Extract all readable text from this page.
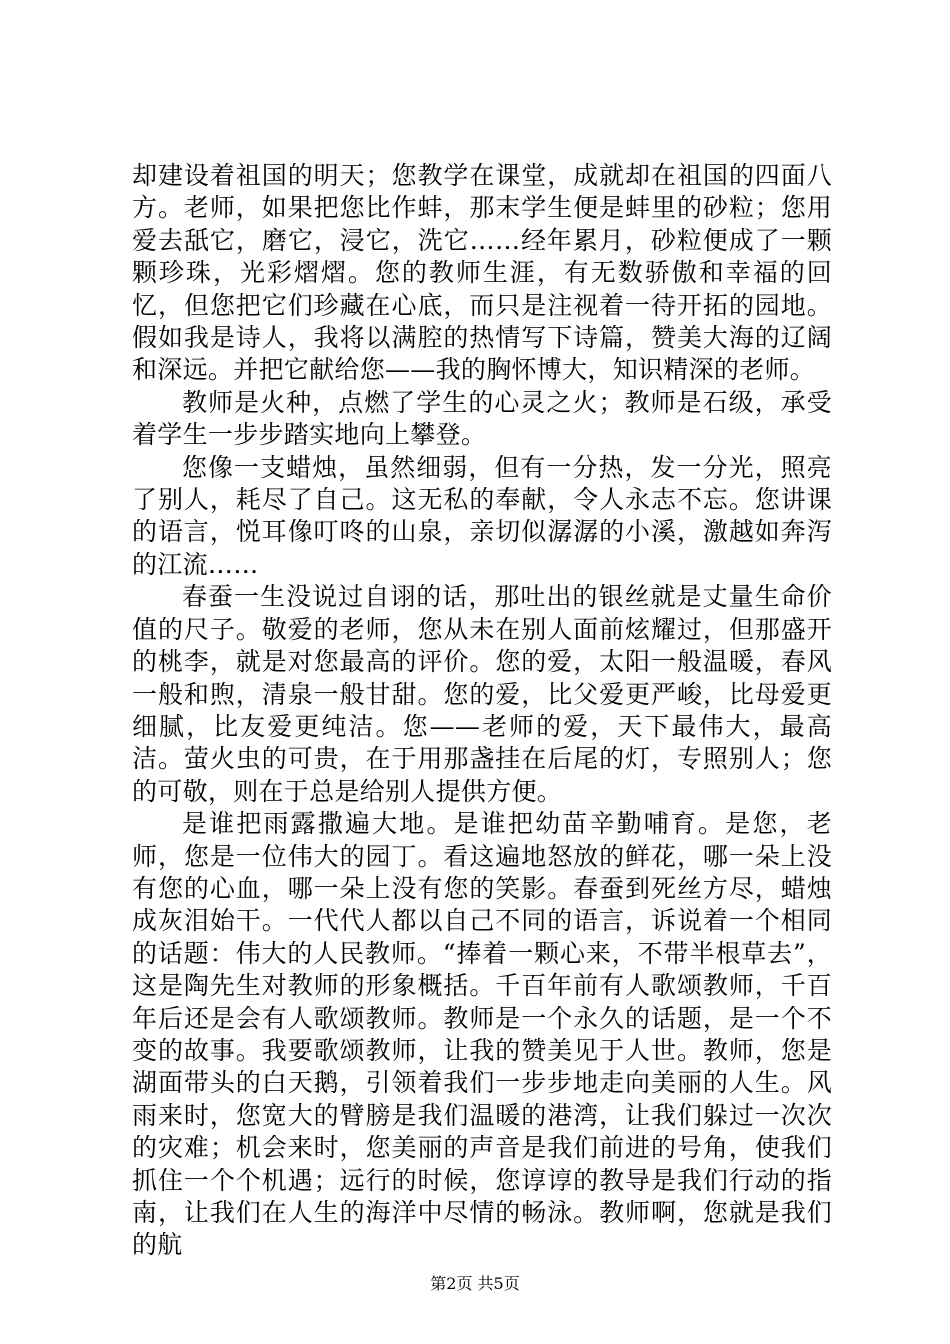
却建设着祖国的明天；您教学在课堂，成就却在祖国的四面八方。老师，如果把您比作蚌，那末学生便是蚌里的砂粒；您用爱去舐它，磨它，浸它，洗它……经年累月，砂粒便成了一颗颗珍珠，光彩熠熠。您的教师生涯，有无数骄傲和幸福的回忆，但您把它们珍藏在心底，而只是注视着一待开拓的园地。假如我是诗人，我将以满腔的热情写下诗篇，赞美大海的辽阔和深远。并把它献给您——我的胸怀博大，知识精深的老师。

教师是火种，点燃了学生的心灵之火；教师是石级，承受着学生一步步踏实地向上攀登。

您像一支蜡烛，虽然细弱，但有一分热，发一分光，照亮了别人，耗尽了自己。这无私的奉献，令人永志不忘。您讲课的语言，悦耳像叮咚的山泉，亲切似潺潺的小溪，激越如奔泻的江流……

春蚕一生没说过自诩的话，那吐出的银丝就是丈量生命价值的尺子。敬爱的老师，您从未在别人面前炫耀过，但那盛开的桃李，就是对您最高的评价。您的爱，太阳一般温暖，春风一般和煦，清泉一般甘甜。您的爱，比父爱更严峻，比母爱更细腻，比友爱更纯洁。您——老师的爱，天下最伟大，最高洁。萤火虫的可贵，在于用那盏挂在后尾的灯，专照别人；您的可敬，则在于总是给别人提供方便。

是谁把雨露撒遍大地。是谁把幼苗辛勤哺育。是您，老师，您是一位伟大的园丁。看这遍地怒放的鲜花，哪一朵上没有您的心血，哪一朵上没有您的笑影。春蚕到死丝方尽，蜡烛成灰泪始干。一代代人都以自己不同的语言，诉说着一个相同的话题：伟大的人民教师。“捧着一颗心来，不带半根草去”，这是陶先生对教师的形象概括。千百年前有人歌颂教师，千百年后还是会有人歌颂教师。教师是一个永久的话题，是一个不变的故事。我要歌颂教师，让我的赞美见于人世。教师，您是湖面带头的白天鹅，引领着我们一步步地走向美丽的人生。风雨来时，您宽大的臂膀是我们温暖的港湾，让我们躲过一次次的灾难；机会来时，您美丽的声音是我们前进的号角，使我们抓住一个个机遇；远行的时候，您谆谆的教导是我们行动的指南，让我们在人生的海洋中尽情的畅泳。教师啊，您就是我们的航

第2页 共5页
